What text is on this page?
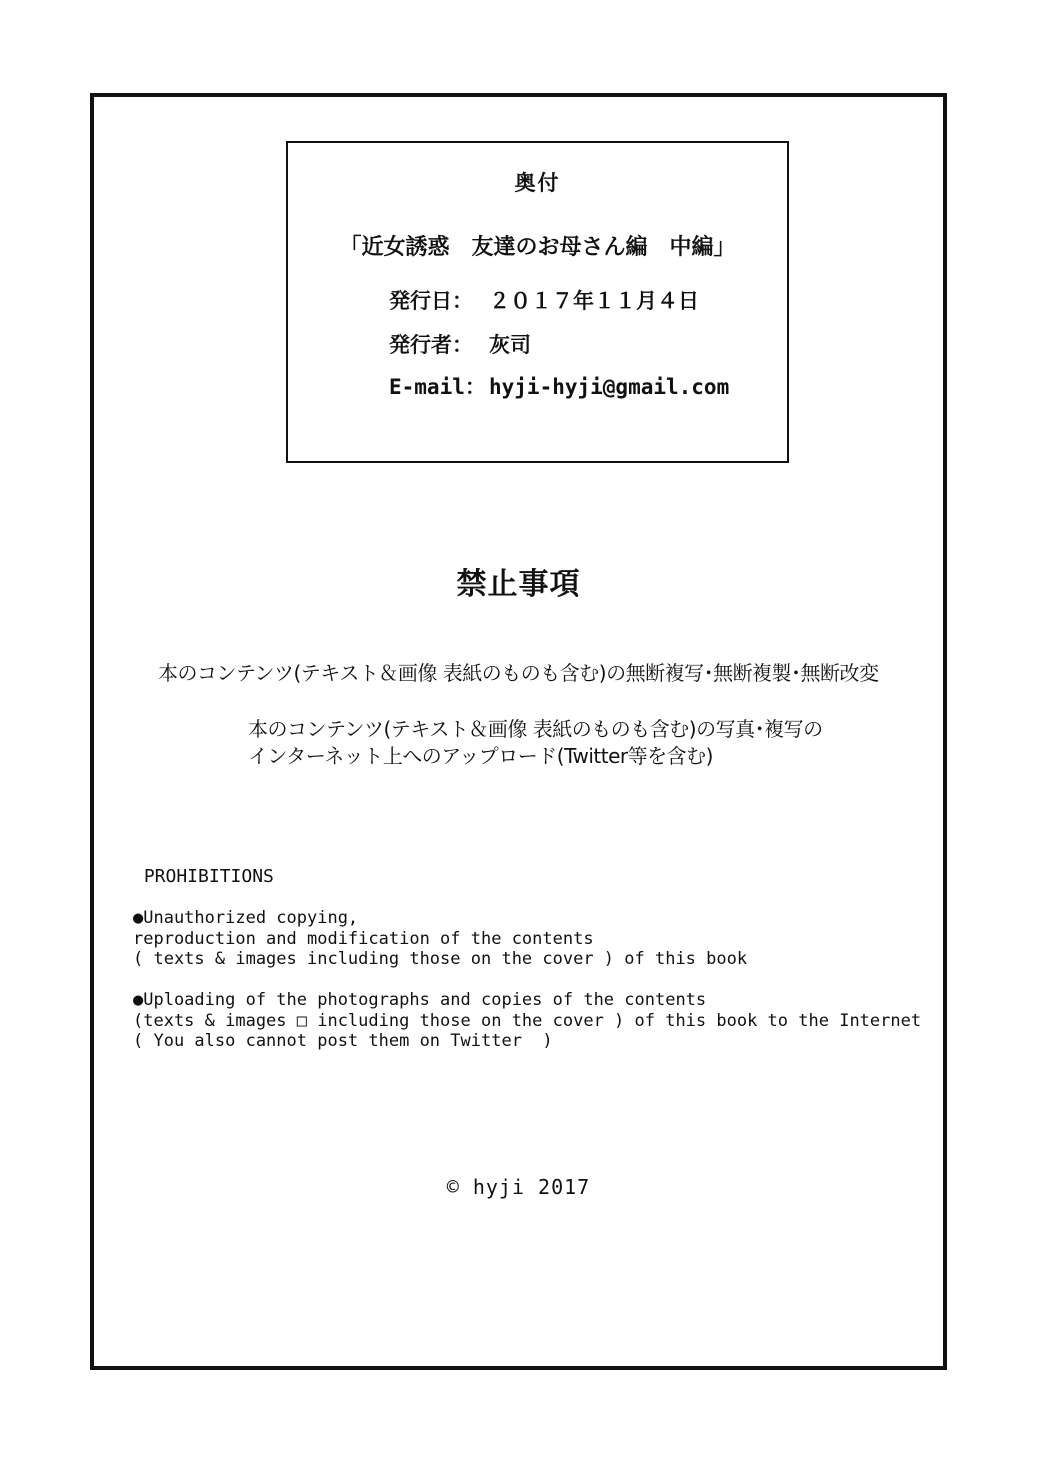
奥付
「近女誘惑　友達のお母さん編　中編」
発行日： ２０１７年１１月４日
発行者： 灰司
E-mail： hyji-hyji@gmail.com
禁止事項
本のコンテンツ(テキスト＆画像 表紙のものも含む)の無断複写･無断複製･無断改変
本のコンテンツ(テキスト＆画像 表紙のものも含む)の写真･複写の
インターネット上へのアップロード(Twitter等を含む)
PROHIBITIONS
●Unauthorized copying,
reproduction and modification of the contents
( texts & images including those on the cover ) of this book
●Uploading of the photographs and copies of the contents
(texts & images □ including those on the cover ) of this book to the Internet
( You also cannot post them on Twitter  )
© hyji 2017
